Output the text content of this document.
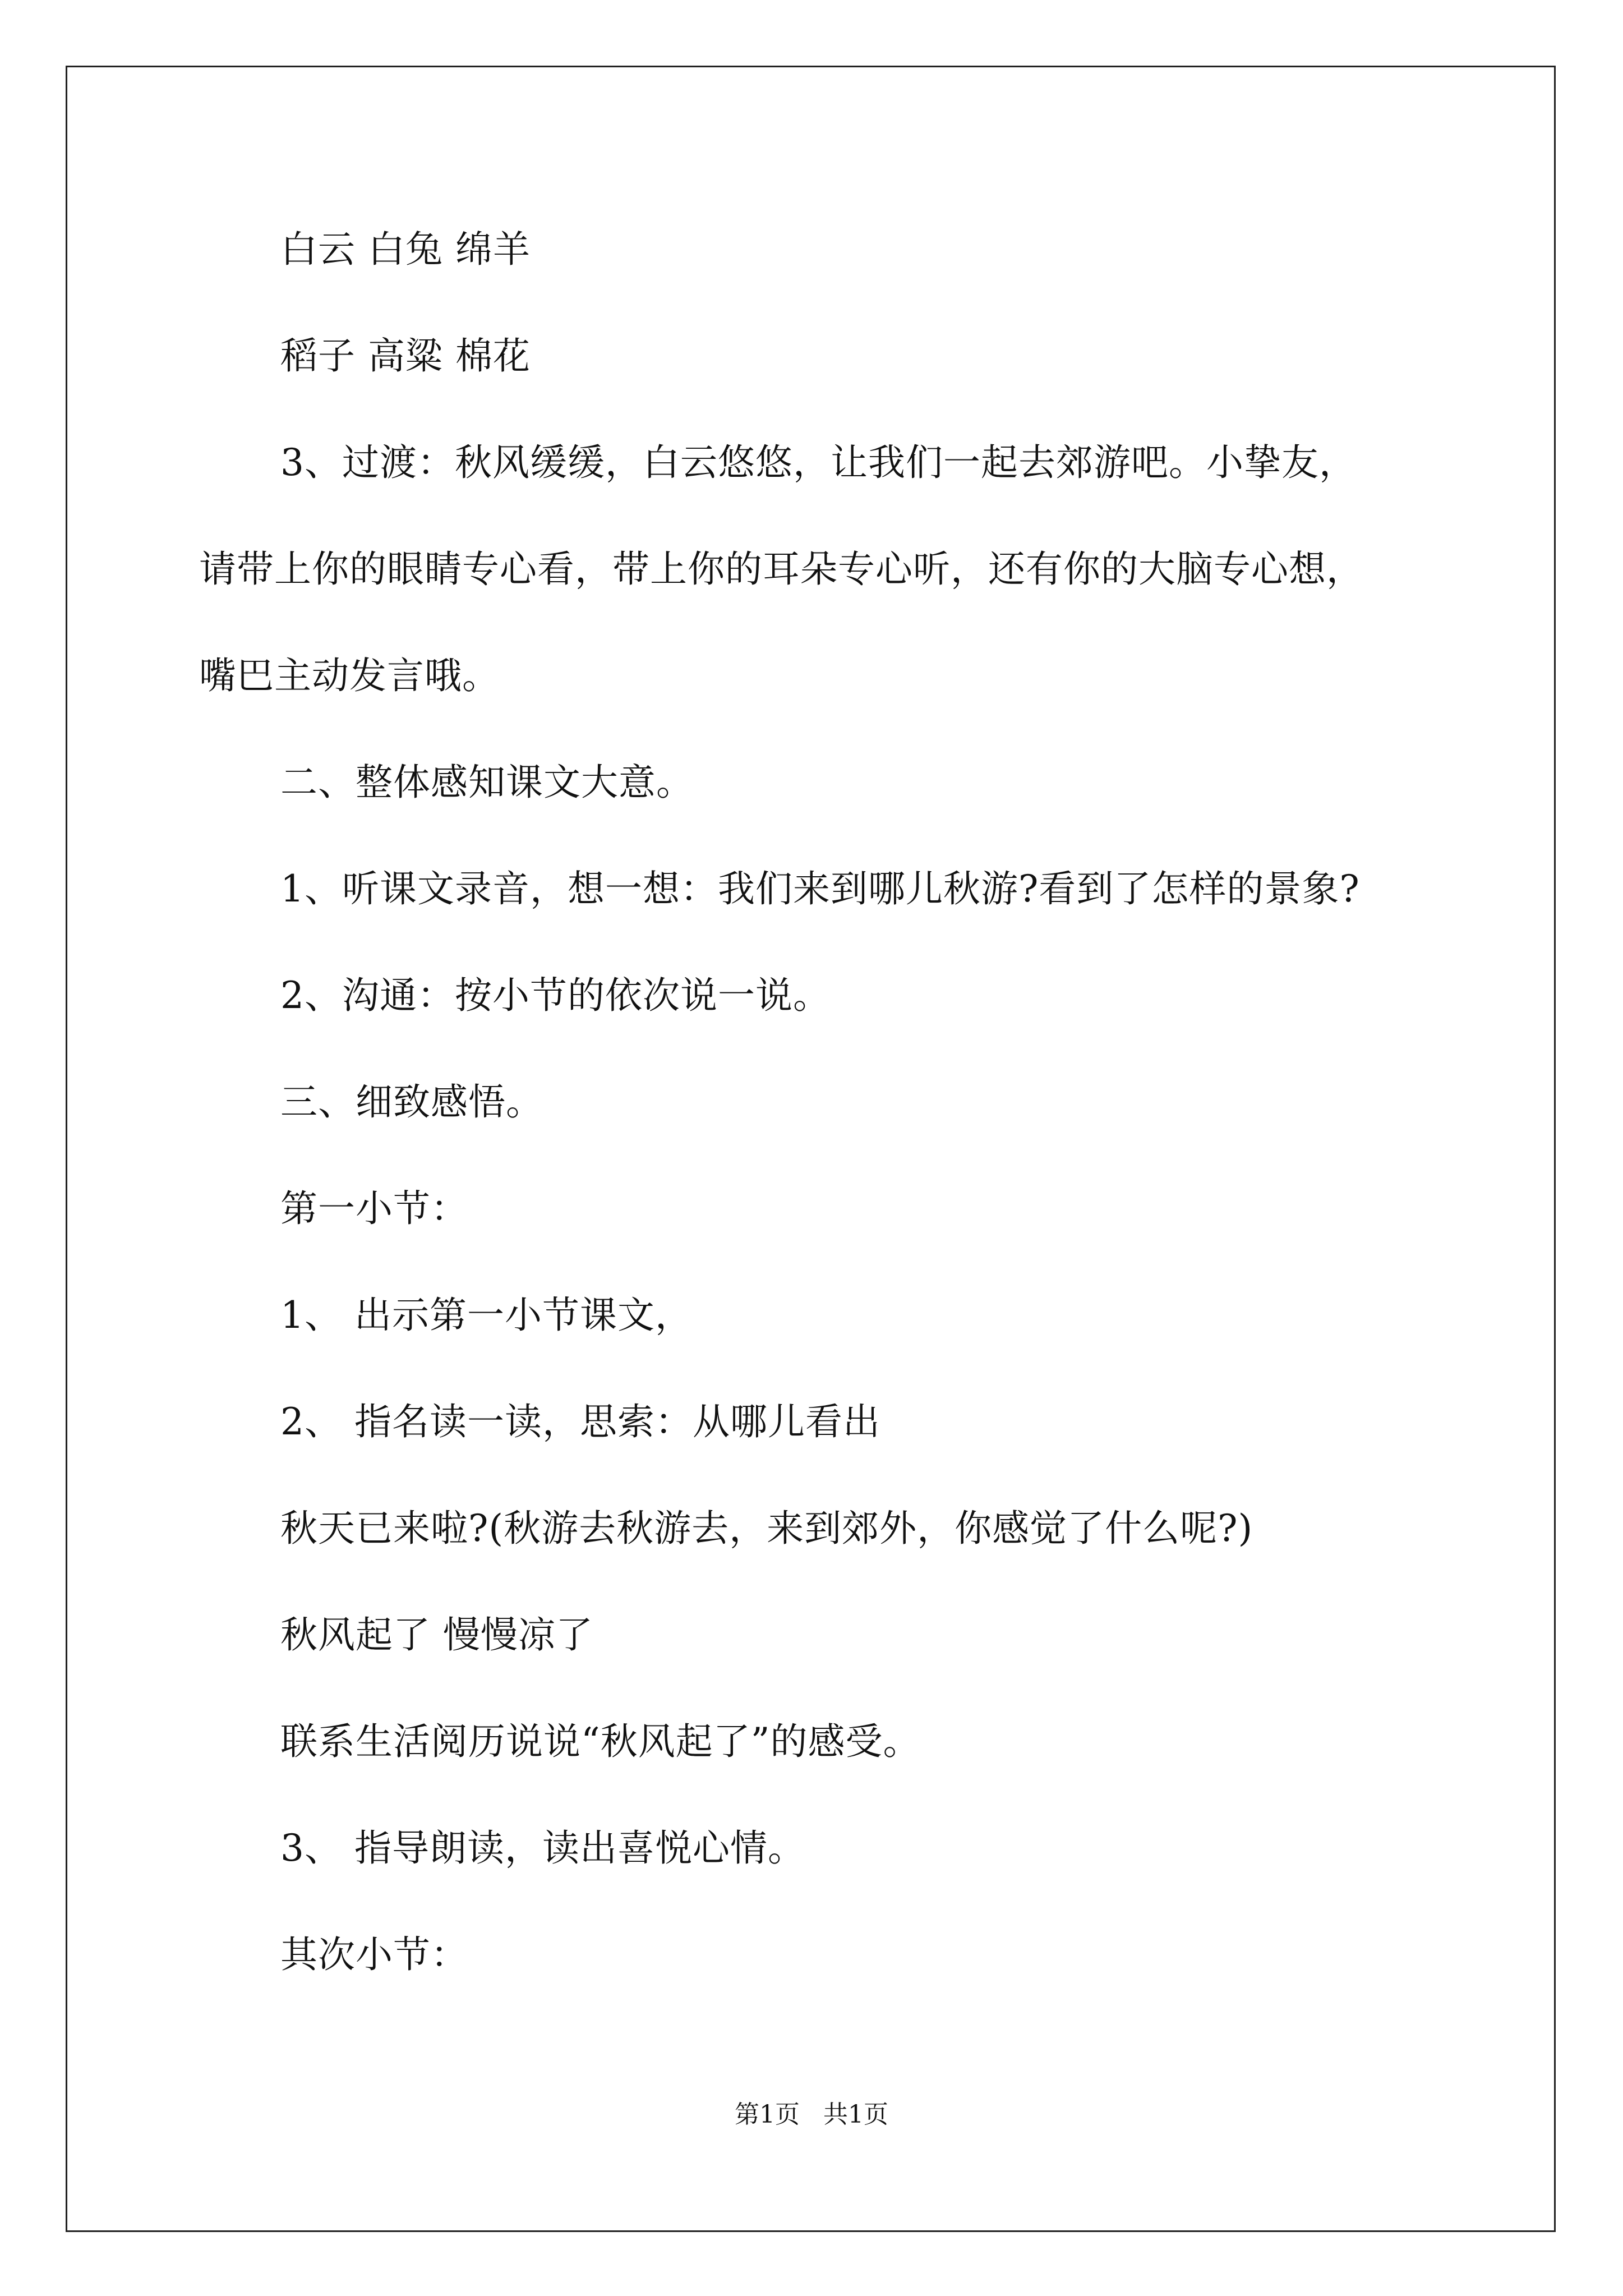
白云 白兔 绵羊
稻子 高粱 棉花
3、过渡：秋风缓缓，白云悠悠，让我们一起去郊游吧。小挚友，
请带上你的眼睛专心看，带上你的耳朵专心听，还有你的大脑专心想，
嘴巴主动发言哦。
二、整体感知课文大意。
1、听课文录音，想一想：我们来到哪儿秋游?看到了怎样的景象?
2、沟通：按小节的依次说一说。
三、细致感悟。
第一小节：
1、 出示第一小节课文，
2、 指名读一读，思索：从哪儿看出
秋天已来啦?(秋游去秋游去，来到郊外，你感觉了什么呢?)
秋风起了 慢慢凉了
联系生活阅历说说“秋风起了”的感受。
3、 指导朗读，读出喜悦心情。
其次小节：
第1页   共1页
